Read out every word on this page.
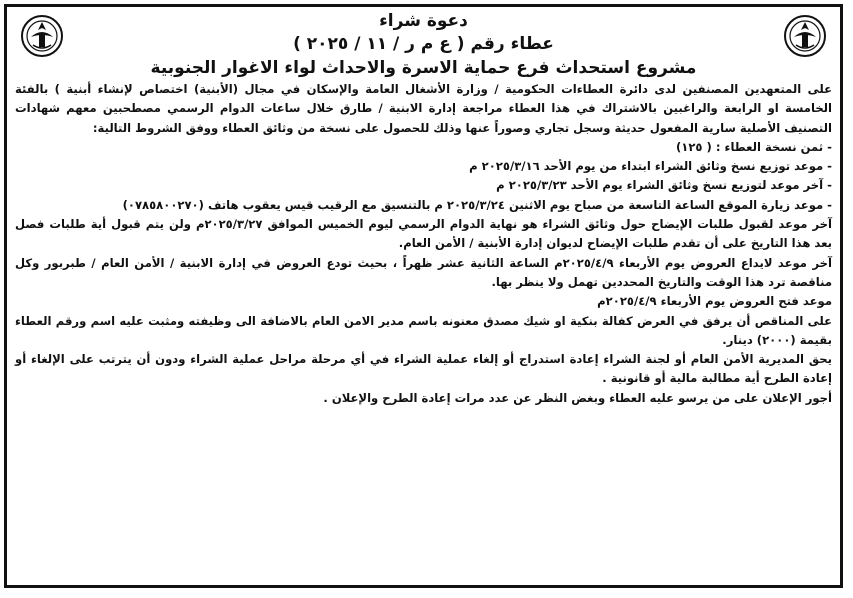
دعوة شراء
عطاء رقم ( ع م ر / ١١ / ٢٠٢٥ )
مشروع استحداث فرع حماية الاسرة والاحداث لواء الاغوار الجنوبية

على المتعهدين المصنفين لدى دائرة العطاءات الحكومية / وزارة الأشغال العامة والإسكان في مجال (الأبنية) اختصاص لإنشاء أبنية ) بالفئة الخامسة او الرابعة والراغبين بالاشتراك في هذا العطاء مراجعة إدارة الابنية / طارق خلال ساعات الدوام الرسمي مصطحبين معهم شهادات التصنيف الأصلية سارية المفعول حديثة وسجل تجاري وصوراً عنها وذلك للحصول على نسخة من وثائق العطاء ووفق الشروط التالية:

- ثمن نسخة العطاء : ( ١٢٥)

- موعد توزيع نسخ وثائق الشراء ابتداء من يوم الأحد ٢٠٢٥/٣/١٦ م

- آخر موعد لتوزيع نسخ وثائق الشراء يوم الأحد ٢٠٢٥/٣/٢٣ م

- موعد زيارة الموقع الساعة التاسعة من صباح يوم الاثنين ٢٠٢٥/٣/٢٤ م بالتنسيق مع الرقيب قيس يعقوب هاتف (٠٧٨٥٨٠٠٢٧٠)

آخر موعد لقبول طلبات الإيضاح حول وثائق الشراء هو نهاية الدوام الرسمي ليوم الخميس الموافق ٢٠٢٥/٣/٢٧م ولن يتم قبول أية طلبات فصل بعد هذا التاريخ على أن تقدم طلبات الإيضاح لديوان إدارة الأبنية / الأمن العام.

آخر موعد لايداع العروض يوم الأربعاء ٢٠٢٥/٤/٩م الساعة الثانية عشر ظهراً ، بحيث تودع العروض في إدارة الابنية / الأمن العام / طبربور وكل مناقصة ترد هذا الوقت والتاريخ المحددين تهمل ولا ينظر بها.

موعد فتح العروض يوم الأربعاء ٢٠٢٥/٤/٩م

على المناقص أن يرفق في العرض كفالة بنكية او شيك مصدق معنونه باسم مدير الامن العام بالاضافة الى وظيفته ومثبت عليه اسم ورقم العطاء بقيمة (٢٠٠٠) دينار.

يحق المديرية الأمن العام أو لجنة الشراء إعادة استدراج أو إلغاء عملية الشراء في أي مرحلة مراحل عملية الشراء ودون أن يترتب على الإلغاء أو إعادة الطرح أية مطالبة مالية أو قانونية .

أجور الإعلان على من يرسو عليه العطاء وبغض النظر عن عدد مرات إعادة الطرح والإعلان .
